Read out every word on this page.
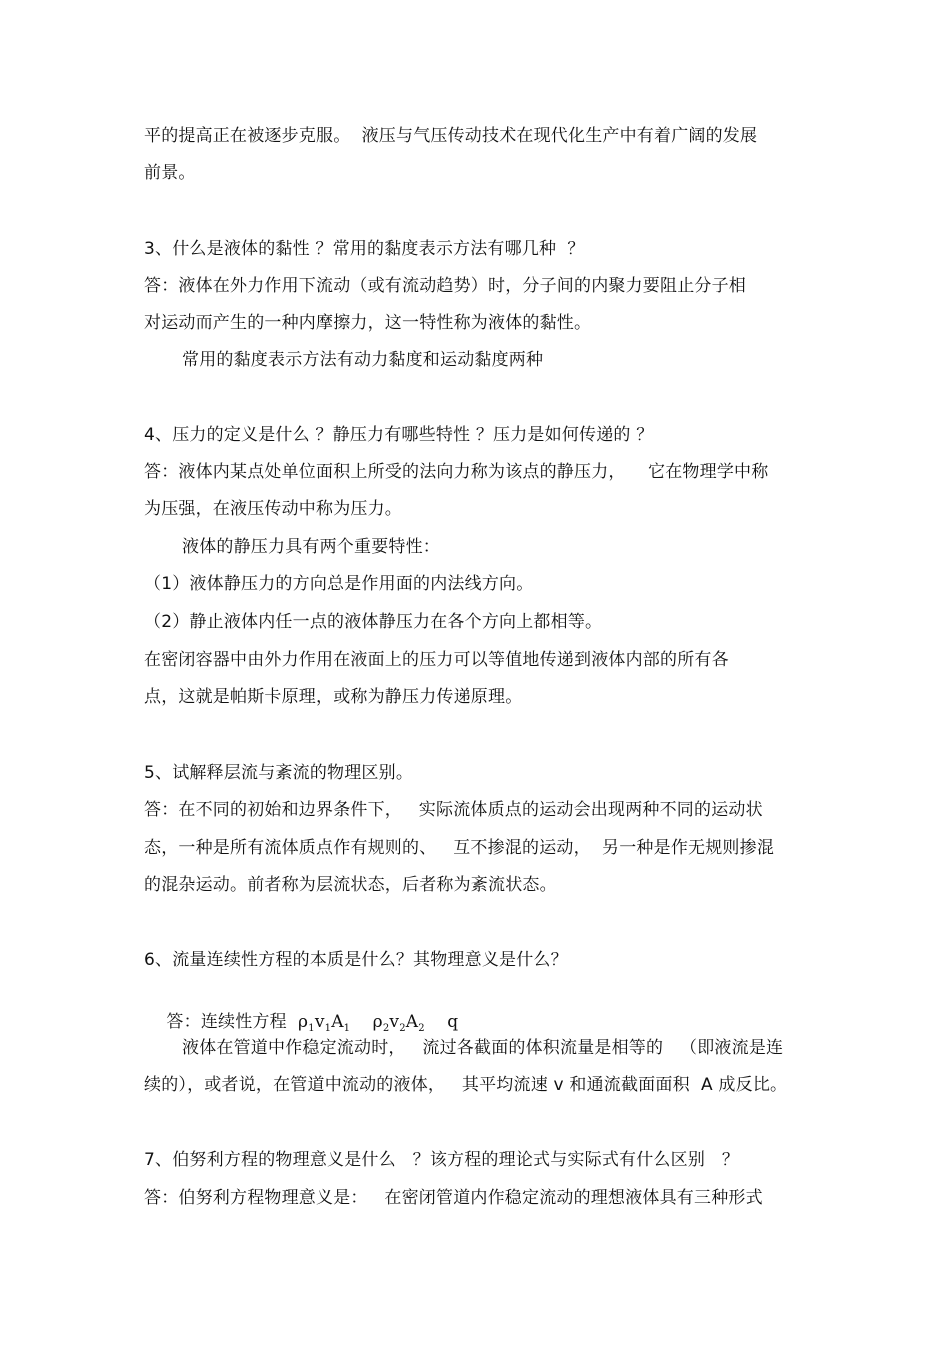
平的提高正在被逐步克服。  液压与气压传动技术在现代化生产中有着广阔的发展
前景。
3、什么是液体的黏性 ？常用的黏度表示方法有哪几种  ？
答：液体在外力作用下流动（或有流动趋势）时，分子间的内聚力要阻止分子相
对运动而产生的一种内摩擦力，这一特性称为液体的黏性。
常用的黏度表示方法有动力黏度和运动黏度两种
4、压力的定义是什么 ？静压力有哪些特性 ？压力是如何传递的 ？
答：液体内某点处单位面积上所受的法向力称为该点的静压力，    它在物理学中称
为压强，在液压传动中称为压力。
液体的静压力具有两个重要特性：
（1）液体静压力的方向总是作用面的内法线方向。
（2）静止液体内任一点的液体静压力在各个方向上都相等。
在密闭容器中由外力作用在液面上的压力可以等值地传递到液体内部的所有各
点，这就是帕斯卡原理，或称为静压力传递原理。
5、试解释层流与紊流的物理区别。
答：在不同的初始和边界条件下，   实际流体质点的运动会出现两种不同的运动状
态，一种是所有流体质点作有规则的、   互不掺混的运动，  另一种是作无规则掺混
的混杂运动。前者称为层流状态，后者称为紊流状态。
6、流量连续性方程的本质是什么？其物理意义是什么？

答：连续性方程 $\rho_1v_1A_1$ $\rho_2v_2A_2$ q

液体在管道中作稳定流动时，   流过各截面的体积流量是相等的   （即液流是连
续的），或者说，在管道中流动的液体，   其平均流速 v 和通流截面面积  A 成反比。
7、伯努利方程的物理意义是什么   ？该方程的理论式与实际式有什么区别   ？
答：伯努利方程物理意义是：   在密闭管道内作稳定流动的理想液体具有三种形式
